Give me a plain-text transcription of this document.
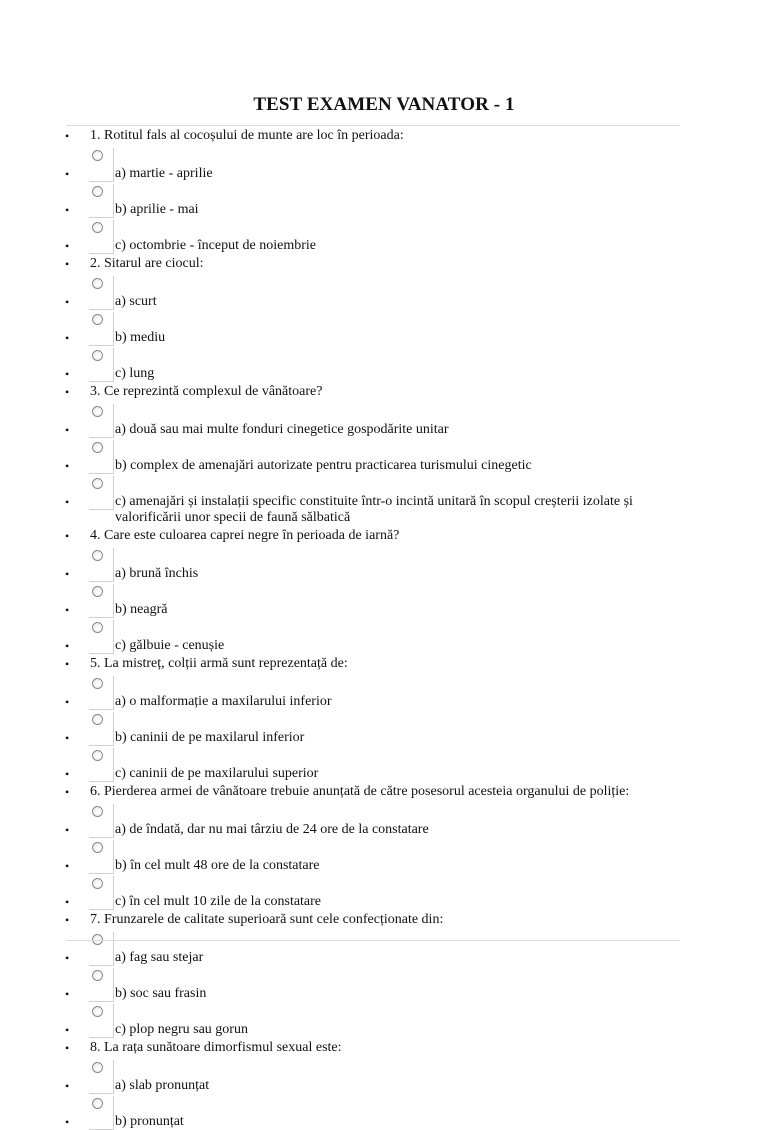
TEST EXAMEN VANATOR - 1
• 1. Rotitul fals al cocoșului de munte are loc în perioada:
•	a) martie - aprilie
•	b) aprilie - mai
•	c) octombrie - început de noiembrie
• 2. Sitarul are ciocul:
•	a) scurt
•	b) mediu
•	c) lung
• 3. Ce reprezintă complexul de vânătoare?
•	a) două sau mai multe fonduri cinegetice gospodărite unitar
•	b) complex de amenajări autorizate pentru practicarea turismului cinegetic
•	c) amenajări și instalații specific constituite într-o incintă unitară în scopul creșterii izolate și valorificării unor specii de faună sălbatică
• 4. Care este culoarea caprei negre în perioada de iarnă?
•	a) brună închis
•	b) neagră
•	c) gălbuie - cenușie
• 5. La mistreț, colții armă sunt reprezentață de:
•	a) o malformație a maxilarului inferior
•	b) caninii de pe maxilarul inferior
•	c) caninii de pe maxilarului superior
• 6. Pierderea armei de vânătoare trebuie anunțată de către posesorul acesteia organului de poliție:
•	a) de îndată, dar nu mai târziu de 24 ore de la constatare
•	b) în cel mult 48 ore de la constatare
•	c) în cel mult 10 zile de la constatare
• 7. Frunzarele de calitate superioară sunt cele confecționate din:
•	a) fag sau stejar
•	b) soc sau frasin
•	c) plop negru sau gorun
• 8. La rața sunătoare dimorfismul sexual este:
•	a) slab pronunțat
•	b) pronunțat
